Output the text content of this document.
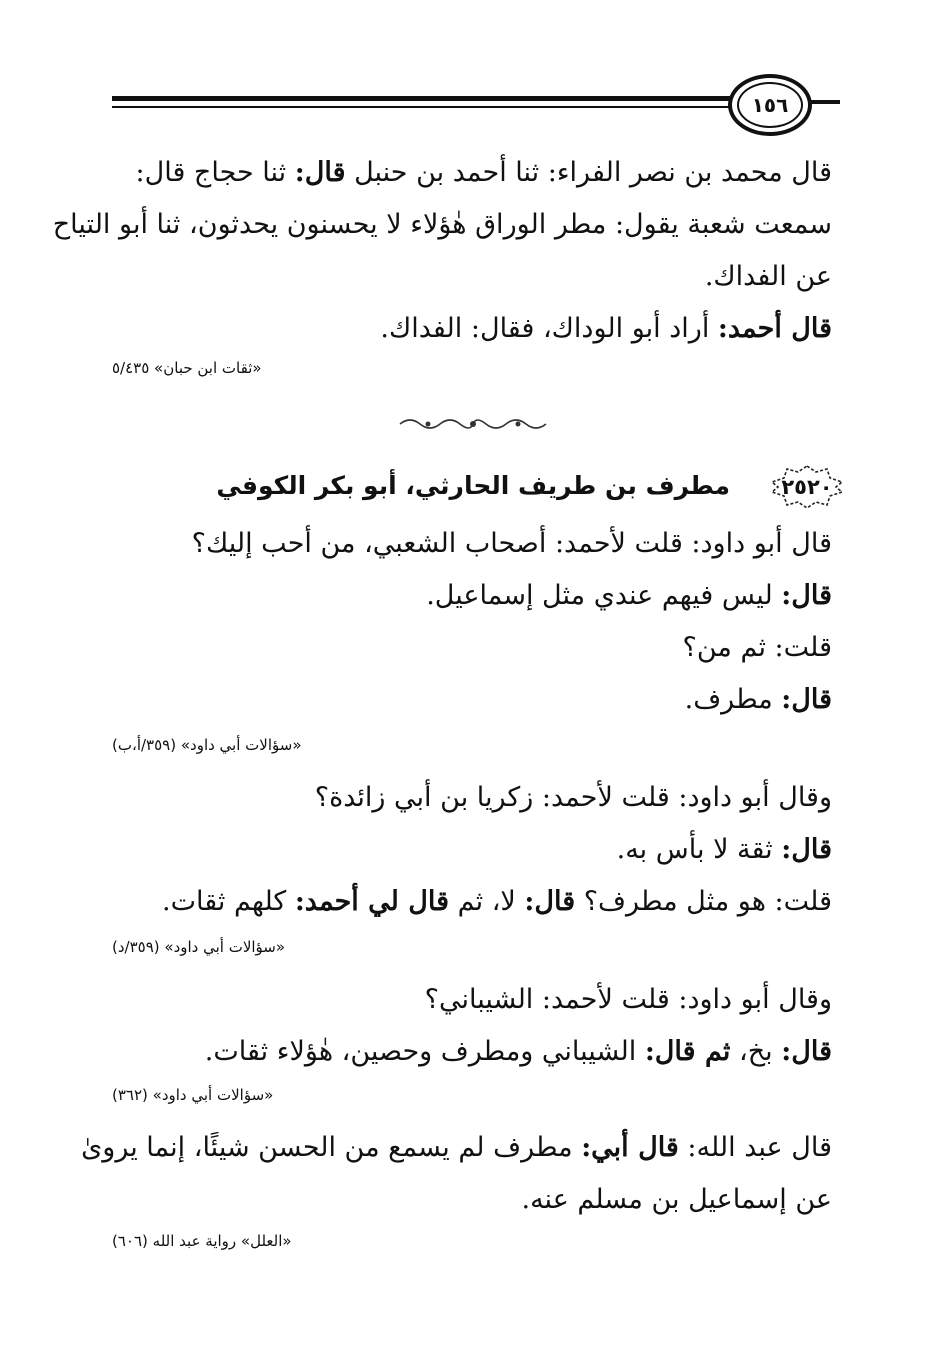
١٥٦
قال محمد بن نصر الفراء: ثنا أحمد بن حنبل قال: ثنا حجاج قال:
سمعت شعبة يقول: مطر الوراق هٰؤلاء لا يحسنون يحدثون، ثنا أبو التياح
عن الفداك.
قال أحمد: أراد أبو الوداك، فقال: الفداك.
«ثقات ابن حبان» ٥/٤٣٥
٢٥٢٠
مطرف بن طريف الحارثي، أبو بكر الكوفي
قال أبو داود: قلت لأحمد: أصحاب الشعبي، من أحب إليك؟
قال: ليس فيهم عندي مثل إسماعيل.
قلت: ثم من؟
قال: مطرف.
«سؤالات أبي داود» (٣٥٩/أ،ب)
وقال أبو داود: قلت لأحمد: زكريا بن أبي زائدة؟
قال: ثقة لا بأس به.
قلت: هو مثل مطرف؟ قال: لا، ثم قال لي أحمد: كلهم ثقات.
«سؤالات أبي داود» (٣٥٩/د)
وقال أبو داود: قلت لأحمد: الشيباني؟
قال: بخ، ثم قال: الشيباني ومطرف وحصين، هٰؤلاء ثقات.
«سؤالات أبي داود» (٣٦٢)
قال عبد الله: قال أبي: مطرف لم يسمع من الحسن شيئًا، إنما يرویٰ
عن إسماعيل بن مسلم عنه.
«العلل» رواية عبد الله (٦٠٦)
